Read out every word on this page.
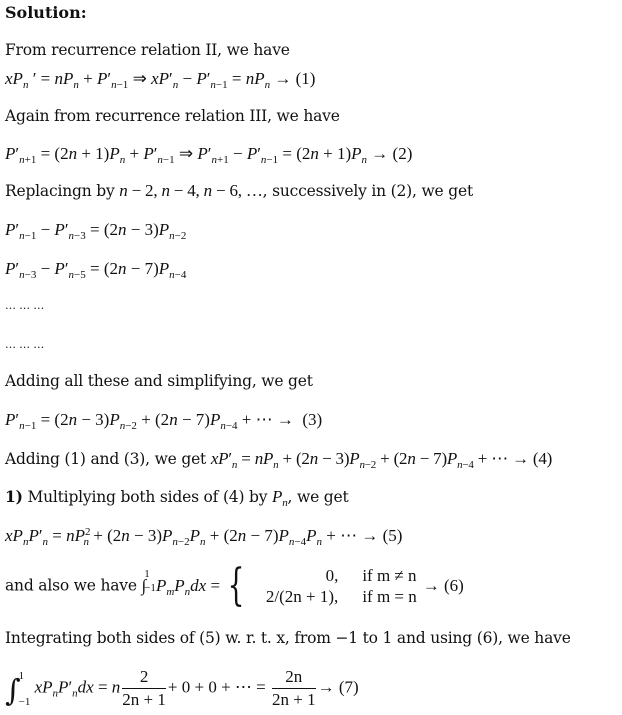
Solution:
From recurrence relation II, we have
$xP_n$ ′ = $nP_n + P'_{n-1}$ ⇒ $xP'_n - P'_{n-1} = nP_n \to (1)$
Again from recurrence relation III, we have
$P'_{n+1} = (2n + 1)P_n + P'_{n-1}$ ⇒ $P'_{n+1} - P'_{n-1} = (2n + 1)P_n \to (2)$
Replacingn by n − 2, n − 4, n − 6, …, successively in (2), we get
$P'_{n-1} - P'_{n-3} = (2n - 3)P_{n-2}$
$P'_{n-3} - P'_{n-5} = (2n - 7)P_{n-4}$
… … …
… … …
Adding all these and simplifying, we get
$P'_{n-1} = (2n - 3)P_{n-2} + (2n - 7)P_{n-4}$ + ⋯ →  (3)
Adding (1) and (3), we get $xP'_n = nP_n + (2n - 3)P_{n-2} + (2n - 7)P_{n-4}$ + ⋯ → (4)
1) Multiplying both sides of (4) by $P_n$, we get
$xP_nP'_n = nP^2_n + (2n - 3)P_{n-2}P_n + (2n - 7)P_{n-4}P_n$ + ⋯ → (5)
and also we have ∫
1
−1 $P_mP_ndx$ = {	0,	if m ≠ n
2/(2n + 1),	if m = n
→ (6)
Integrating both sides of (5) w. r. t. x, from −1 to 1 and using (6), we have
∫
1
−1
$xP_nP'_ndx = n \frac{2}{2n + 1} + 0 + 0$ + ⋯ = $\frac{2n}{2n + 1} \to (7)$
